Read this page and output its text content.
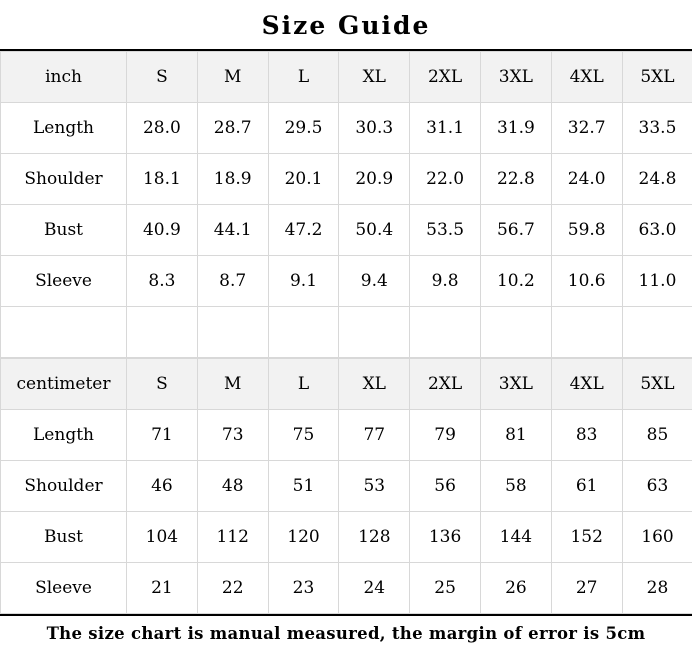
Size Guide
inch	S	M	L	XL	2XL	3XL	4XL	5XL
Length	28.0	28.7	29.5	30.3	31.1	31.9	32.7	33.5
Shoulder	18.1	18.9	20.1	20.9	22.0	22.8	24.0	24.8
Bust	40.9	44.1	47.2	50.4	53.5	56.7	59.8	63.0
Sleeve	8.3	8.7	9.1	9.4	9.8	10.2	10.6	11.0

centimeter	S	M	L	XL	2XL	3XL	4XL	5XL
Length	71	73	75	77	79	81	83	85
Shoulder	46	48	51	53	56	58	61	63
Bust	104	112	120	128	136	144	152	160
Sleeve	21	22	23	24	25	26	27	28
The size chart is manual measured, the margin of error is 5cm
